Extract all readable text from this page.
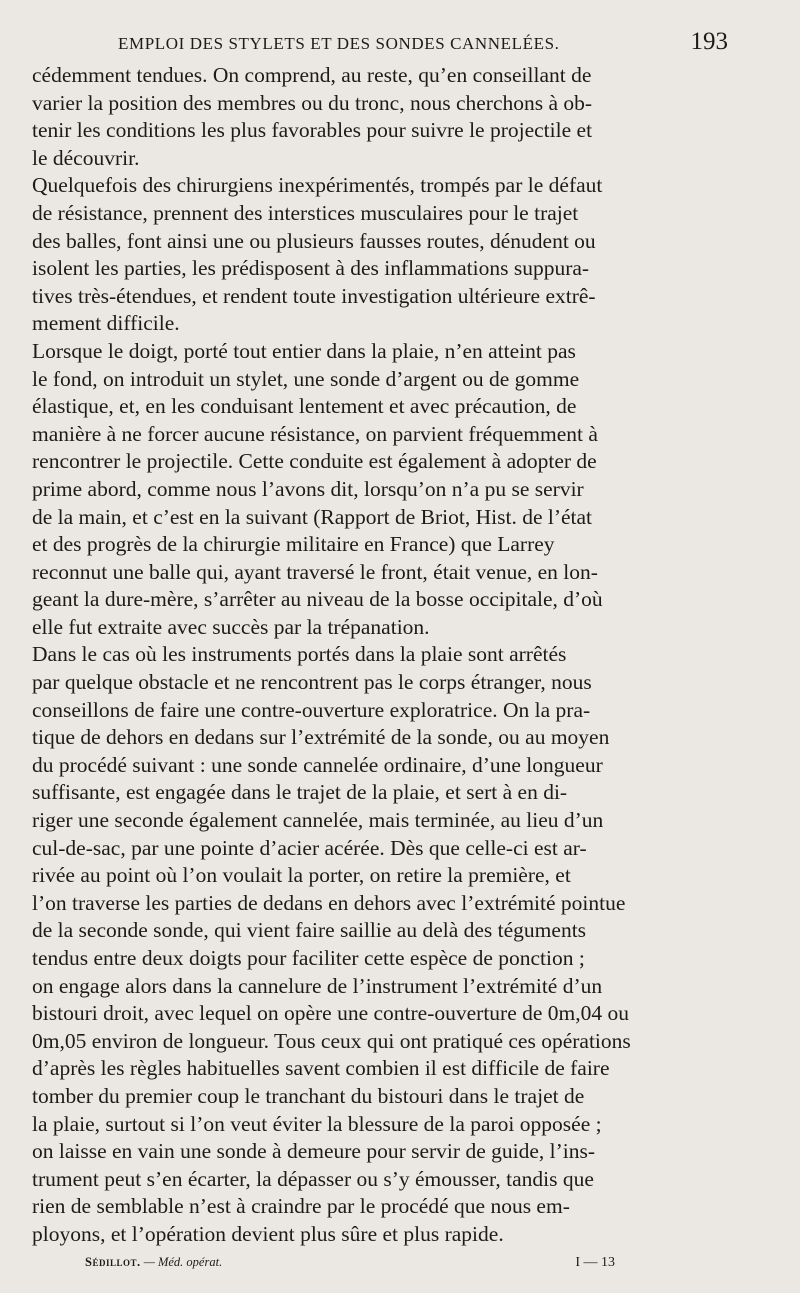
EMPLOI DES STYLETS ET DES SONDES CANNELÉES.	193
cédemment tendues. On comprend, au reste, qu’en conseillant de
varier la position des membres ou du tronc, nous cherchons à ob-
tenir les conditions les plus favorables pour suivre le projectile et
le découvrir.
Quelquefois des chirurgiens inexpérimentés, trompés par le défaut
de résistance, prennent des interstices musculaires pour le trajet
des balles, font ainsi une ou plusieurs fausses routes, dénudent ou
isolent les parties, les prédisposent à des inflammations suppura-
tives très-étendues, et rendent toute investigation ultérieure extrê-
mement difficile.
Lorsque le doigt, porté tout entier dans la plaie, n’en atteint pas
le fond, on introduit un stylet, une sonde d’argent ou de gomme
élastique, et, en les conduisant lentement et avec précaution, de
manière à ne forcer aucune résistance, on parvient fréquemment à
rencontrer le projectile. Cette conduite est également à adopter de
prime abord, comme nous l’avons dit, lorsqu’on n’a pu se servir
de la main, et c’est en la suivant (Rapport de Briot, Hist. de l’état
et des progrès de la chirurgie militaire en France) que Larrey
reconnut une balle qui, ayant traversé le front, était venue, en lon-
geant la dure-mère, s’arrêter au niveau de la bosse occipitale, d’où
elle fut extraite avec succès par la trépanation.
Dans le cas où les instruments portés dans la plaie sont arrêtés
par quelque obstacle et ne rencontrent pas le corps étranger, nous
conseillons de faire une contre-ouverture exploratrice. On la pra-
tique de dehors en dedans sur l’extrémité de la sonde, ou au moyen
du procédé suivant : une sonde cannelée ordinaire, d’une longueur
suffisante, est engagée dans le trajet de la plaie, et sert à en di-
riger une seconde également cannelée, mais terminée, au lieu d’un
cul-de-sac, par une pointe d’acier acérée. Dès que celle-ci est ar-
rivée au point où l’on voulait la porter, on retire la première, et
l’on traverse les parties de dedans en dehors avec l’extrémité pointue
de la seconde sonde, qui vient faire saillie au delà des téguments
tendus entre deux doigts pour faciliter cette espèce de ponction ;
on engage alors dans la cannelure de l’instrument l’extrémité d’un
bistouri droit, avec lequel on opère une contre-ouverture de 0m,04 ou
0m,05 environ de longueur. Tous ceux qui ont pratiqué ces opérations
d’après les règles habituelles savent combien il est difficile de faire
tomber du premier coup le tranchant du bistouri dans le trajet de
la plaie, surtout si l’on veut éviter la blessure de la paroi opposée ;
on laisse en vain une sonde à demeure pour servir de guide, l’ins-
trument peut s’en écarter, la dépasser ou s’y émousser, tandis que
rien de semblable n’est à craindre par le procédé que nous em-
ployons, et l’opération devient plus sûre et plus rapide.
Sédillot. — Méd. opérat.	I — 13
